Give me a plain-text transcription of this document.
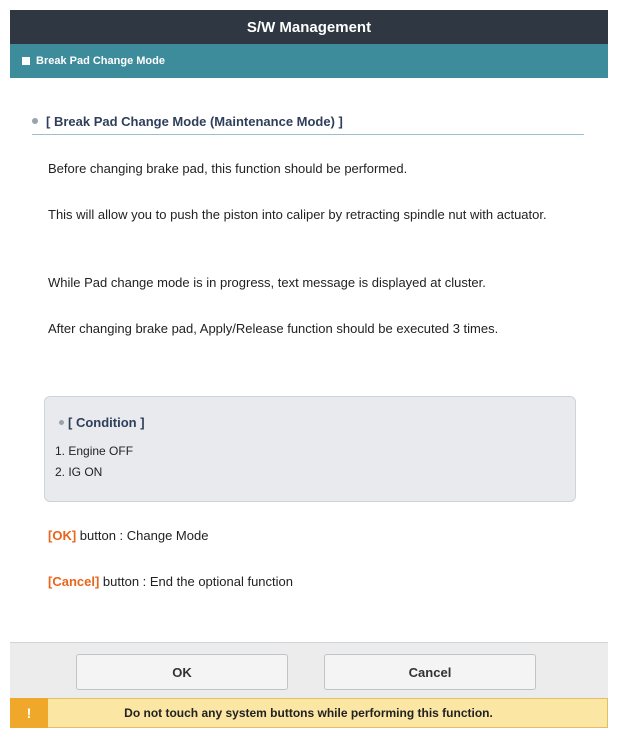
S/W Management
Break Pad Change Mode
[ Break Pad Change Mode (Maintenance Mode) ]
Before changing brake pad, this function should be performed.
This will allow you to push the piston into caliper by retracting spindle nut with actuator.
While Pad change mode is in progress, text message is displayed at cluster.
After changing brake pad, Apply/Release function should be executed 3 times.
[ Condition ]
1. Engine OFF
2. IG ON
[OK] button : Change Mode
[Cancel] button : End the optional function
OK	Cancel
!	Do not touch any system buttons while performing this function.
